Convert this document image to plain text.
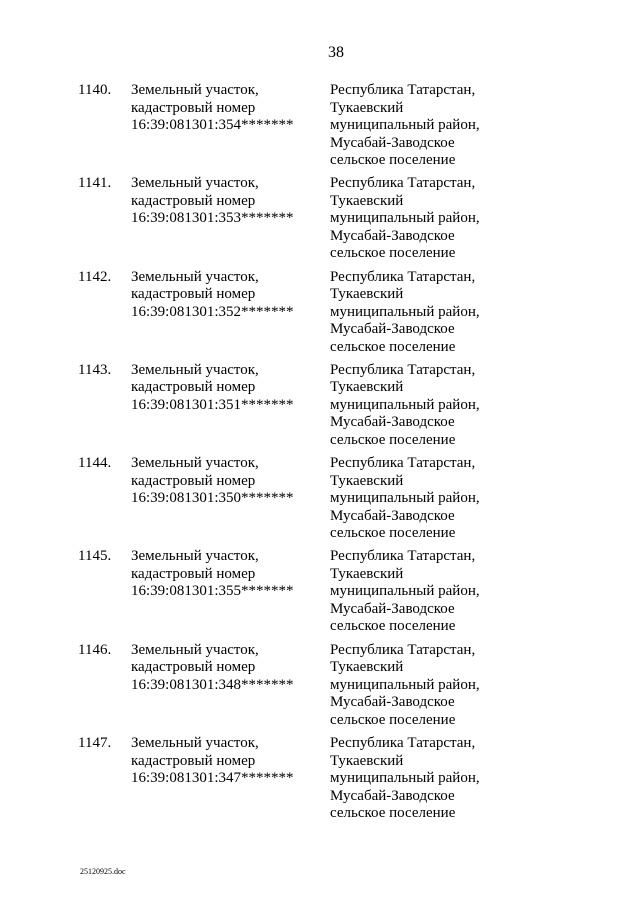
38
1140. Земельный участок,
кадастровый номер
16:39:081301:354*******
Республика Татарстан,
Тукаевский
муниципальный район,
Мусабай-Заводское
сельское поселение
1141. Земельный участок,
кадастровый номер
16:39:081301:353*******
Республика Татарстан,
Тукаевский
муниципальный район,
Мусабай-Заводское
сельское поселение
1142. Земельный участок,
кадастровый номер
16:39:081301:352*******
Республика Татарстан,
Тукаевский
муниципальный район,
Мусабай-Заводское
сельское поселение
1143. Земельный участок,
кадастровый номер
16:39:081301:351*******
Республика Татарстан,
Тукаевский
муниципальный район,
Мусабай-Заводское
сельское поселение
1144. Земельный участок,
кадастровый номер
16:39:081301:350*******
Республика Татарстан,
Тукаевский
муниципальный район,
Мусабай-Заводское
сельское поселение
1145. Земельный участок,
кадастровый номер
16:39:081301:355*******
Республика Татарстан,
Тукаевский
муниципальный район,
Мусабай-Заводское
сельское поселение
1146. Земельный участок,
кадастровый номер
16:39:081301:348*******
Республика Татарстан,
Тукаевский
муниципальный район,
Мусабай-Заводское
сельское поселение
1147. Земельный участок,
кадастровый номер
16:39:081301:347*******
Республика Татарстан,
Тукаевский
муниципальный район,
Мусабай-Заводское
сельское поселение
25120925.doc
